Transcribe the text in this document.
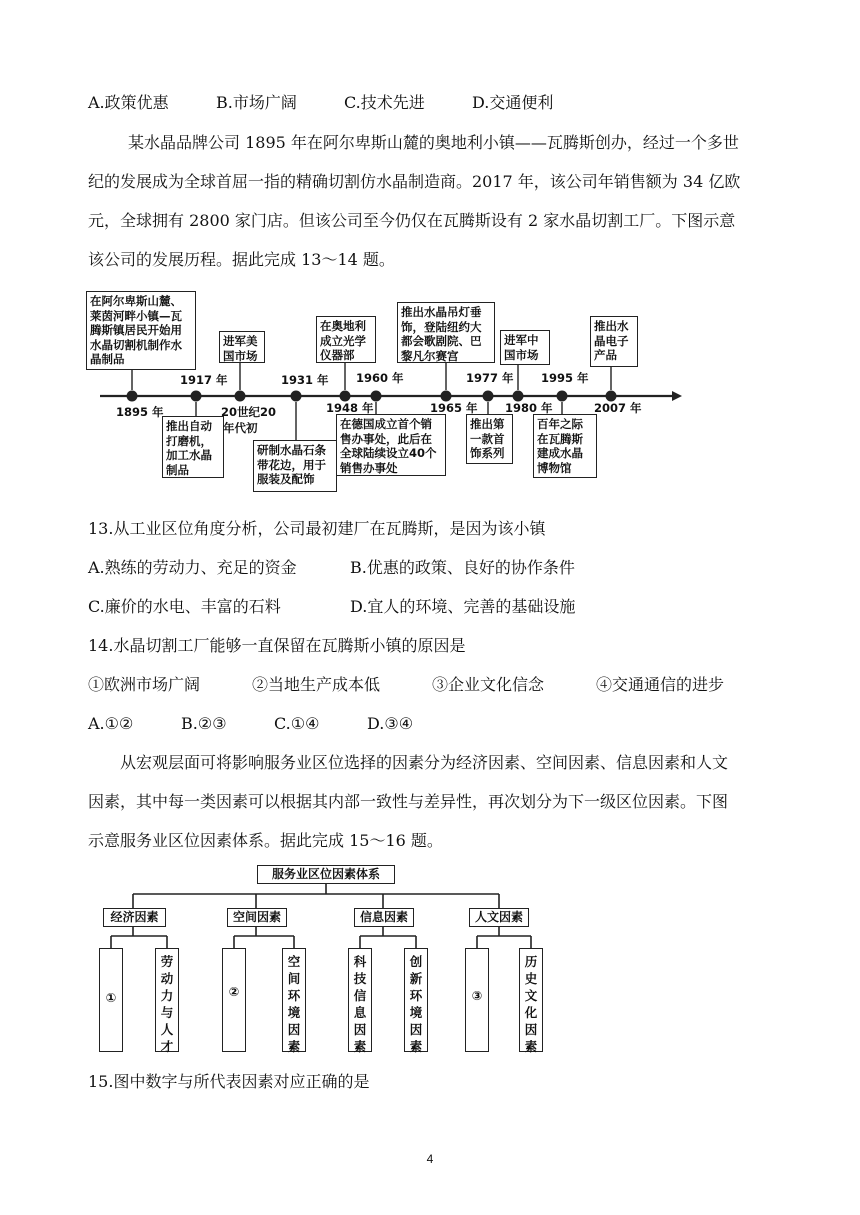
A.政策优惠	B.市场广阔	C.技术先进	D.交通便利
某水晶品牌公司 1895 年在阿尔卑斯山麓的奥地利小镇——瓦腾斯创办，经过一个多世
纪的发展成为全球首屈一指的精确切割仿水晶制造商。2017 年，该公司年销售额为 34 亿欧
元，全球拥有 2800 家门店。但该公司至今仍仅在瓦腾斯设有 2 家水晶切割工厂。下图示意
该公司的发展历程。据此完成 13～14 题。
在阿尔卑斯山麓、莱茵河畔小镇—瓦腾斯镇居民开始用水晶切割机制作水晶制品
进军美国市场
在奥地利成立光学仪器部
推出水晶吊灯垂饰，登陆纽约大都会歌剧院、巴黎凡尔赛宫
进军中国市场
推出水晶电子产品
推出自动打磨机，加工水晶制品
研制水晶石条带花边，用于服装及配饰
在德国成立首个销售办事处，此后在全球陆续设立40个销售办事处
推出第一款首饰系列
百年之际在瓦腾斯建成水晶博物馆
1895 年
1917 年
20世纪20
年代初
1931 年
1948 年
1960 年
1965 年
1977 年
1980 年
1995 年
2007 年
13.从工业区位角度分析，公司最初建厂在瓦腾斯，是因为该小镇
A.熟练的劳动力、充足的资金	B.优惠的政策、良好的协作条件
C.廉价的水电、丰富的石料	D.宜人的环境、完善的基础设施
14.水晶切割工厂能够一直保留在瓦腾斯小镇的原因是
①欧洲市场广阔	②当地生产成本低	③企业文化信念	④交通通信的进步
A.①②	B.②③	C.①④	D.③④
从宏观层面可将影响服务业区位选择的因素分为经济因素、空间因素、信息因素和人文
因素，其中每一类因素可以根据其内部一致性与差异性，再次划分为下一级区位因素。下图
示意服务业区位因素体系。据此完成 15～16 题。
服务业区位因素体系
经济因素	空间因素	信息因素	人文因素
①
劳动力与人才
②
空间环境因素
科技信息因素
创新环境因素
③
历史文化因素
15.图中数字与所代表因素对应正确的是
4
